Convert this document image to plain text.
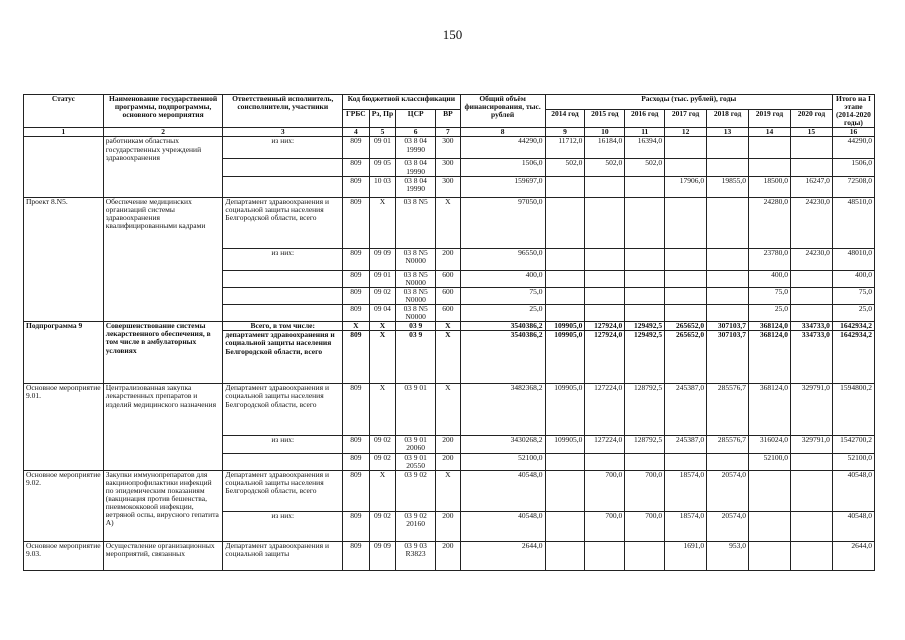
150
Статус	Наименование государственной программы, подпрограммы, основного мероприятия	Ответственный исполнитель, соисполнители, участники	Код бюджетной классификации				Общий объём финансирования, тыс. рублей	Расходы (тыс. рублей), годы							Итого на I этапе (2014-2020 годы)
			ГРБС	Рз, Пр	ЦСР	ВР		2014 год	2015 год	2016 год	2017 год	2018 год	2019 год	2020 год	
1	2	3	4	5	6	7	8	9	10	11	12	13	14	15	16
	работникам областных государственных учреждений здравоохранения	из них:	809	09 01	03 8 04 19990	300	44290,0	11712,0	16184,0	16394,0					44290,0
			809	09 05	03 8 04 19990	300	1506,0	502,0	502,0	502,0					1506,0
			809	10 03	03 8 04 19990	300	159697,0				17906,0	19855,0	18500,0	16247,0	72508,0
Проект 8.N5.	Обеспечение медицинских организаций системы здравоохранения квалифицированными кадрами	Департамент здравоохранения и социальной защиты населения Белгородской области, всего	809	Х	03 8 N5	Х	97050,0						24280,0	24230,0	48510,0
		из них:	809	09 09	03 8 N5 N0000	200	96550,0						23780,0	24230,0	48010,0
			809	09 01	03 8 N5 N0000	600	400,0						400,0		400,0
			809	09 02	03 8 N5 N0000	600	75,0						75,0		75,0
			809	09 04	03 8 N5 N0000	600	25,0						25,0		25,0
Подпрограмма 9	Совершенствование системы лекарственного обеспечения, в том числе в амбулаторных условиях	Всего, в том числе:	Х	Х	03 9	Х	3540386,2	109905,0	127924,0	129492,5	265652,0	307103,7	368124,0	334733,0	1642934,2
		департамент здравоохранения и социальной защиты населения Белгородской области, всего	809	Х	03 9	Х	3540386,2	109905,0	127924,0	129492,5	265652,0	307103,7	368124,0	334733,0	1642934,2
Основное мероприятие 9.01.	Централизованная закупка лекарственных препаратов и изделий медицинского назначения	Департамент здравоохранения и социальной защиты населения Белгородской области, всего	809	Х	03 9 01	Х	3482368,2	109905,0	127224,0	128792,5	245387,0	285576,7	368124,0	329791,0	1594800,2
		из них:	809	09 02	03 9 01 20060	200	3430268,2	109905,0	127224,0	128792,5	245387,0	285576,7	316024,0	329791,0	1542700,2
			809	09 02	03 9 01 20550	200	52100,0						52100,0		52100,0
Основное мероприятие 9.02.	Закупки иммунопрепаратов для вакцинопрофилактики инфекций по эпидемическим показаниям (вакцинация против бешенства, пневмококковой инфекции, ветряной оспы, вирусного гепатита А)	Департамент здравоохранения и социальной защиты населения Белгородской области, всего	809	Х	03 9 02	Х	40548,0		700,0	700,0	18574,0	20574,0			40548,0
		из них:	809	09 02	03 9 02 20160	200	40548,0		700,0	700,0	18574,0	20574,0			40548,0
Основное мероприятие 9.03.	Осуществление организационных мероприятий, связанных	Департамент здравоохранения и социальной защиты	809	09 09	03 9 03 R3823	200	2644,0				1691,0	953,0			2644,0
